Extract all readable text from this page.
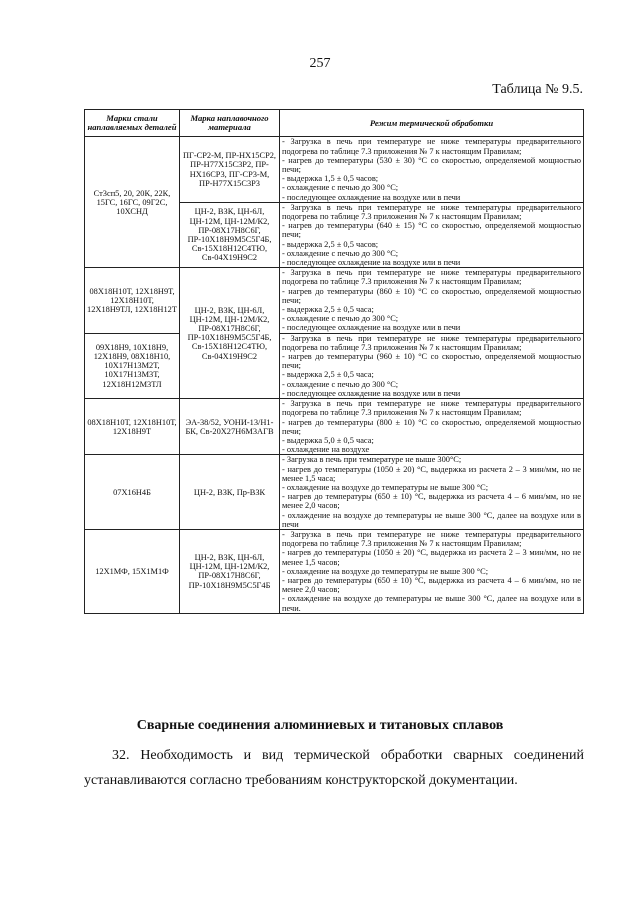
257
Таблица № 9.5.
Марки стали наплавляемых деталей	Марка наплавочного материала	Режим термической обработки
Ст3сп5, 20, 20К, 22К, 15ГС, 16ГС, 09Г2С, 10ХСНД	ПГ-СР2-М, ПР-НХ15СР2, ПР-Н77Х15С3Р2, ПР-НХ16СР3, ПГ-СР3-М, ПР-Н77Х15С3Р3	- Загрузка в печь при температуре не ниже температуры предварительного подогрева по таблице 7.3 приложения № 7 к настоящим Правилам;
- нагрев до температуры (530 ± 30) °С со скоростью, определяемой мощностью печи;
- выдержка 1,5 ± 0,5 часов;
- охлаждение с печью до 300 °С;
- последующее охлаждение на воздухе или в печи

	ЦН-2, ВЗК, ЦН-6Л, ЦН-12М, ЦН-12М/К2, ПР-08Х17Н8С6Г, ПР-10Х18Н9М5С5Г4Б, Св-15Х18Н12С4ТЮ, Св-04Х19Н9С2	- Загрузка в печь при температуре не ниже температуры предварительного подогрева по таблице 7.3 приложения № 7 к настоящим Правилам;
- нагрев до температуры (640 ± 15) °С со скоростью, определяемой мощностью печи;
- выдержка 2,5 ± 0,5 часов;
- охлаждение с печью до 300 °С;
- последующее охлаждение на воздухе или в печи

08Х18Н10Т, 12Х18Н9Т, 12Х18Н10Т, 12Х18Н9ТЛ, 12Х18Н12Т	ЦН-2, ВЗК, ЦН-6Л, ЦН-12М, ЦН-12М/К2, ПР-08Х17Н8С6Г, ПР-10Х18Н9М5С5Г4Б, Св-15Х18Н12С4ТЮ, Св-04Х19Н9С2	- Загрузка в печь при температуре не ниже температуры предварительного подогрева по таблице 7.3 приложения № 7 к настоящим Правилам;
- нагрев до температуры (860 ± 10) °С со скоростью, определяемой мощностью печи;
- выдержка 2,5 ± 0,5 часа;
- охлаждение с печью до 300 °С;
- последующее охлаждение на воздухе или в печи

09Х18Н9, 10Х18Н9, 12Х18Н9, 08Х18Н10, 10Х17Н13М2Т, 10Х17Н13М3Т, 12Х18Н12М3ТЛ		- Загрузка в печь при температуре не ниже температуры предварительного подогрева по таблице 7.3 приложения № 7 к настоящим Правилам;
- нагрев до температуры (960 ± 10) °С со скоростью, определяемой мощностью печи;
- выдержка 2,5 ± 0,5 часа;
- охлаждение с печью до 300 °С;
- последующее охлаждение на воздухе или в печи

08Х18Н10Т, 12Х18Н10Т, 12Х18Н9Т	ЭА-38/52, УОНИ-13/Н1-БК, Св-20Х27Н6М3АГВ	- Загрузка в печь при температуре не ниже температуры предварительного подогрева по таблице 7.3 приложения № 7 к настоящим Правилам;
- нагрев до температуры (800 ± 10) °С со скоростью, определяемой мощностью печи;
- выдержка 5,0 ± 0,5 часа;
- охлаждение на воздухе

07Х16Н4Б	ЦН-2, ВЗК, Пр-ВЗК	- Загрузка в печь при температуре не выше 300°С;
- нагрев до температуры (1050 ± 20) °С, выдержка из расчета 2 – 3 мин/мм, но не менее 1,5 часа;
- охлаждение на воздухе до температуры не выше 300 °С;
- нагрев до температуры (650 ± 10) °С, выдержка из расчета 4 – 6 мин/мм, но не менее 2,0 часов;
- охлаждение на воздухе до температуры не выше 300 °С, далее на воздухе или в печи

12Х1МФ, 15Х1М1Ф	ЦН-2, ВЗК, ЦН-6Л, ЦН-12М, ЦН-12М/К2, ПР-08Х17Н8С6Г, ПР-10Х18Н9М5С5Г4Б	- Загрузка в печь при температуре не ниже температуры предварительного подогрева по таблице 7.3 приложения № 7 к настоящим Правилам;
- нагрев до температуры (1050 ± 20) °С, выдержка из расчета 2 – 3 мин/мм, но не менее 1,5 часов;
- охлаждение на воздухе до температуры не выше 300 °С;
- нагрев до температуры (650 ± 10) °С, выдержка из расчета 4 – 6 мин/мм, но не менее 2,0 часов;
- охлаждение на воздухе до температуры не выше 300 °С, далее на воздухе или в печи.
Сварные соединения алюминиевых и титановых сплавов
32. Необходимость и вид термической обработки сварных соединений устанавливаются согласно требованиям конструкторской документации.
